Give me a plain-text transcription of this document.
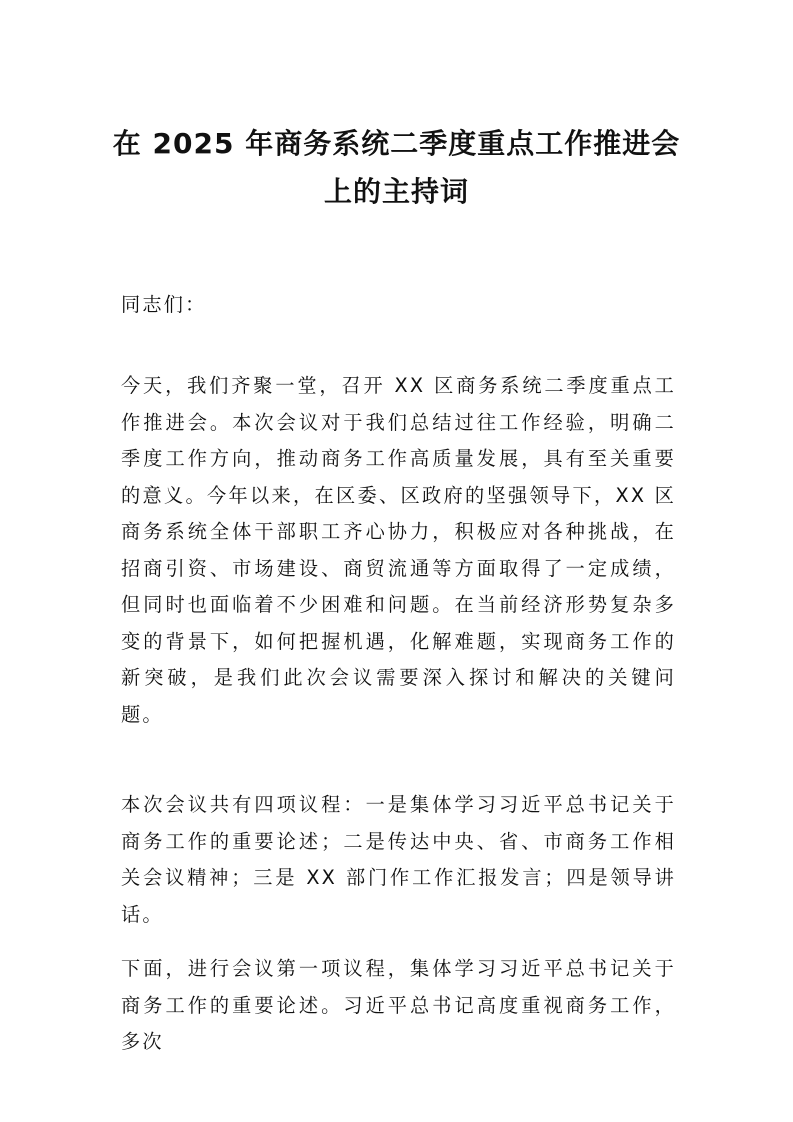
在 2025 年商务系统二季度重点工作推进会
上的主持词

同志们：

今天，我们齐聚一堂，召开 XX 区商务系统二季度重点工作推进会。本次会议对于我们总结过往工作经验，明确二季度工作方向，推动商务工作高质量发展，具有至关重要的意义。今年以来，在区委、区政府的坚强领导下，XX 区商务系统全体干部职工齐心协力，积极应对各种挑战，在招商引资、市场建设、商贸流通等方面取得了一定成绩，但同时也面临着不少困难和问题。在当前经济形势复杂多变的背景下，如何把握机遇，化解难题，实现商务工作的新突破，是我们此次会议需要深入探讨和解决的关键问题。

本次会议共有四项议程：一是集体学习习近平总书记关于商务工作的重要论述；二是传达中央、省、市商务工作相关会议精神；三是 XX 部门作工作汇报发言；四是领导讲话。

下面，进行会议第一项议程，集体学习习近平总书记关于商务工作的重要论述。习近平总书记高度重视商务工作，多次
